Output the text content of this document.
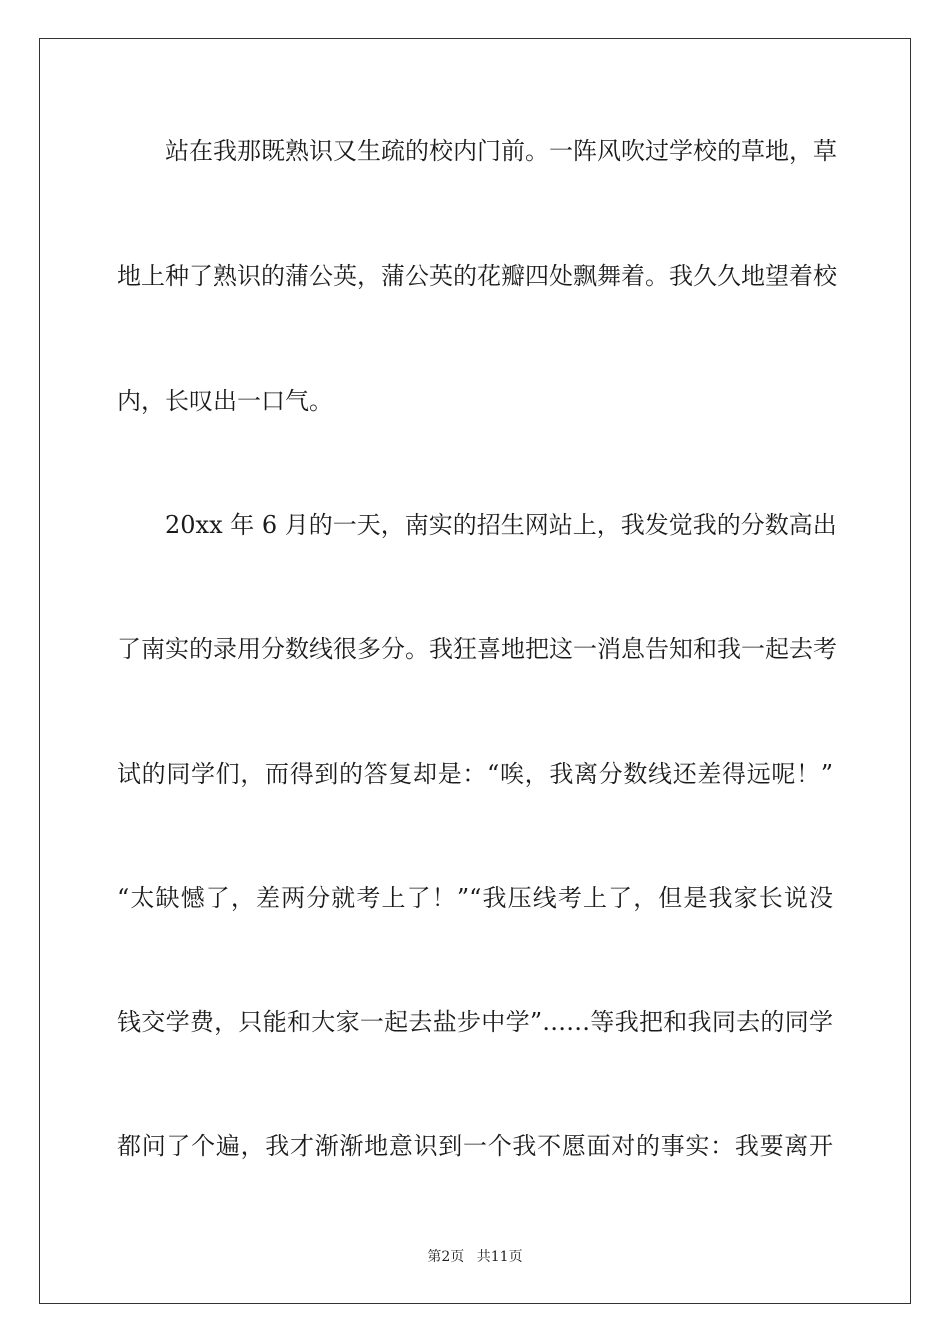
站在我那既熟识又生疏的校内门前。一阵风吹过学校的草地，草
地上种了熟识的蒲公英，蒲公英的花瓣四处飘舞着。我久久地望着校
内，长叹出一口气。
20xx 年 6 月的一天，南实的招生网站上，我发觉我的分数高出
了南实的录用分数线很多分。我狂喜地把这一消息告知和我一起去考
试的同学们，而得到的答复却是：“唉，我离分数线还差得远呢！”
“太缺憾了，差两分就考上了！”“我压线考上了，但是我家长说没
钱交学费，只能和大家一起去盐步中学”……等我把和我同去的同学
都问了个遍，我才渐渐地意识到一个我不愿面对的事实：我要离开
第2页 共11页
